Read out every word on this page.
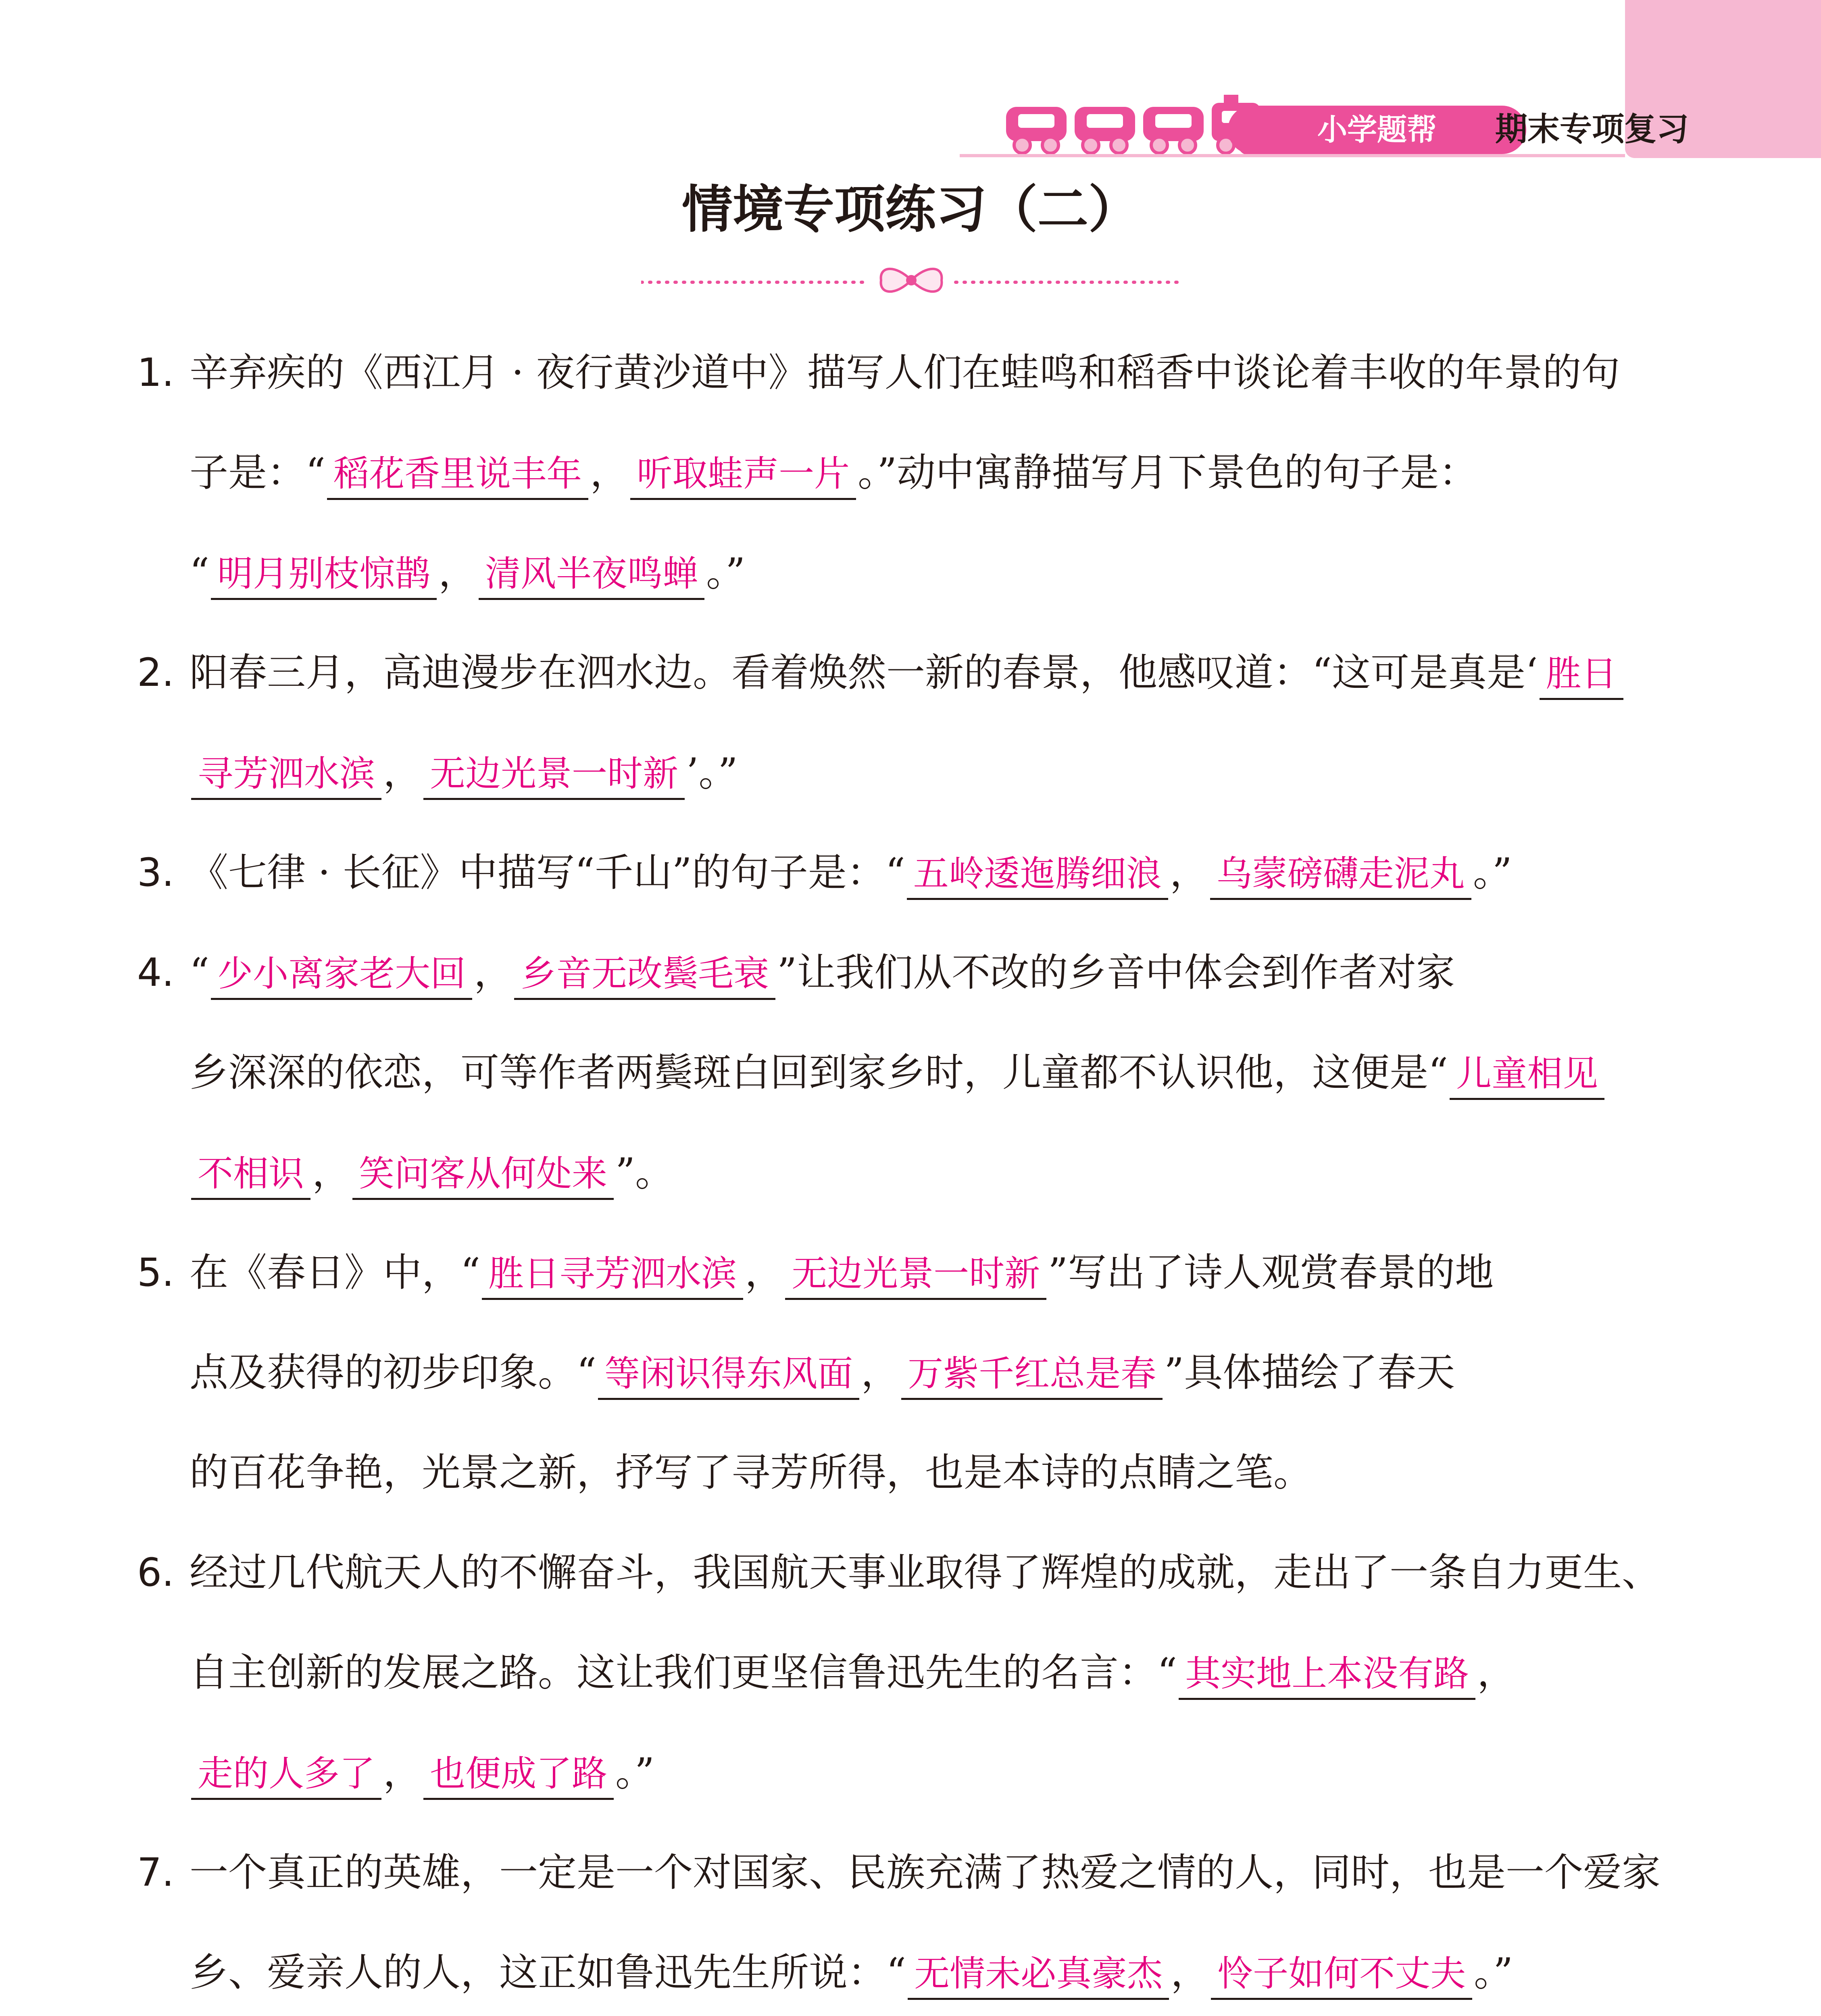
小学题帮	期末专项复习
情境专项练习（二）
1. 辛弃疾的《西江月 · 夜行黄沙道中》描写人们在蛙鸣和稻香中谈论着丰收的年景的句
子是：“ 稻花香里说丰年 ， 听取蛙声一片 。”动中寓静描写月下景色的句子是：
“ 明月别枝惊鹊 ， 清风半夜鸣蝉 。”
2. 阳春三月，高迪漫步在泗水边。看着焕然一新的春景，他感叹道：“这可是真是‘ 胜日
寻芳泗水滨 ， 无边光景一时新 ’。”
3. 《七律 · 长征》中描写“千山”的句子是：“ 五岭逶迤腾细浪 ， 乌蒙磅礴走泥丸 。”
4. “ 少小离家老大回 ， 乡音无改鬓毛衰 ”让我们从不改的乡音中体会到作者对家
乡深深的依恋，可等作者两鬓斑白回到家乡时，儿童都不认识他，这便是“ 儿童相见
不相识 ， 笑问客从何处来 ”。
5. 在《春日》中，“ 胜日寻芳泗水滨 ， 无边光景一时新 ”写出了诗人观赏春景的地
点及获得的初步印象。“ 等闲识得东风面 ， 万紫千红总是春 ”具体描绘了春天
的百花争艳，光景之新，抒写了寻芳所得，也是本诗的点睛之笔。
6. 经过几代航天人的不懈奋斗，我国航天事业取得了辉煌的成就，走出了一条自力更生、
自主创新的发展之路。这让我们更坚信鲁迅先生的名言：“ 其实地上本没有路 ，
走的人多了 ， 也便成了路 。”
7. 一个真正的英雄，一定是一个对国家、民族充满了热爱之情的人，同时，也是一个爱家
乡、爱亲人的人，这正如鲁迅先生所说：“ 无情未必真豪杰 ， 怜子如何不丈夫 。”
